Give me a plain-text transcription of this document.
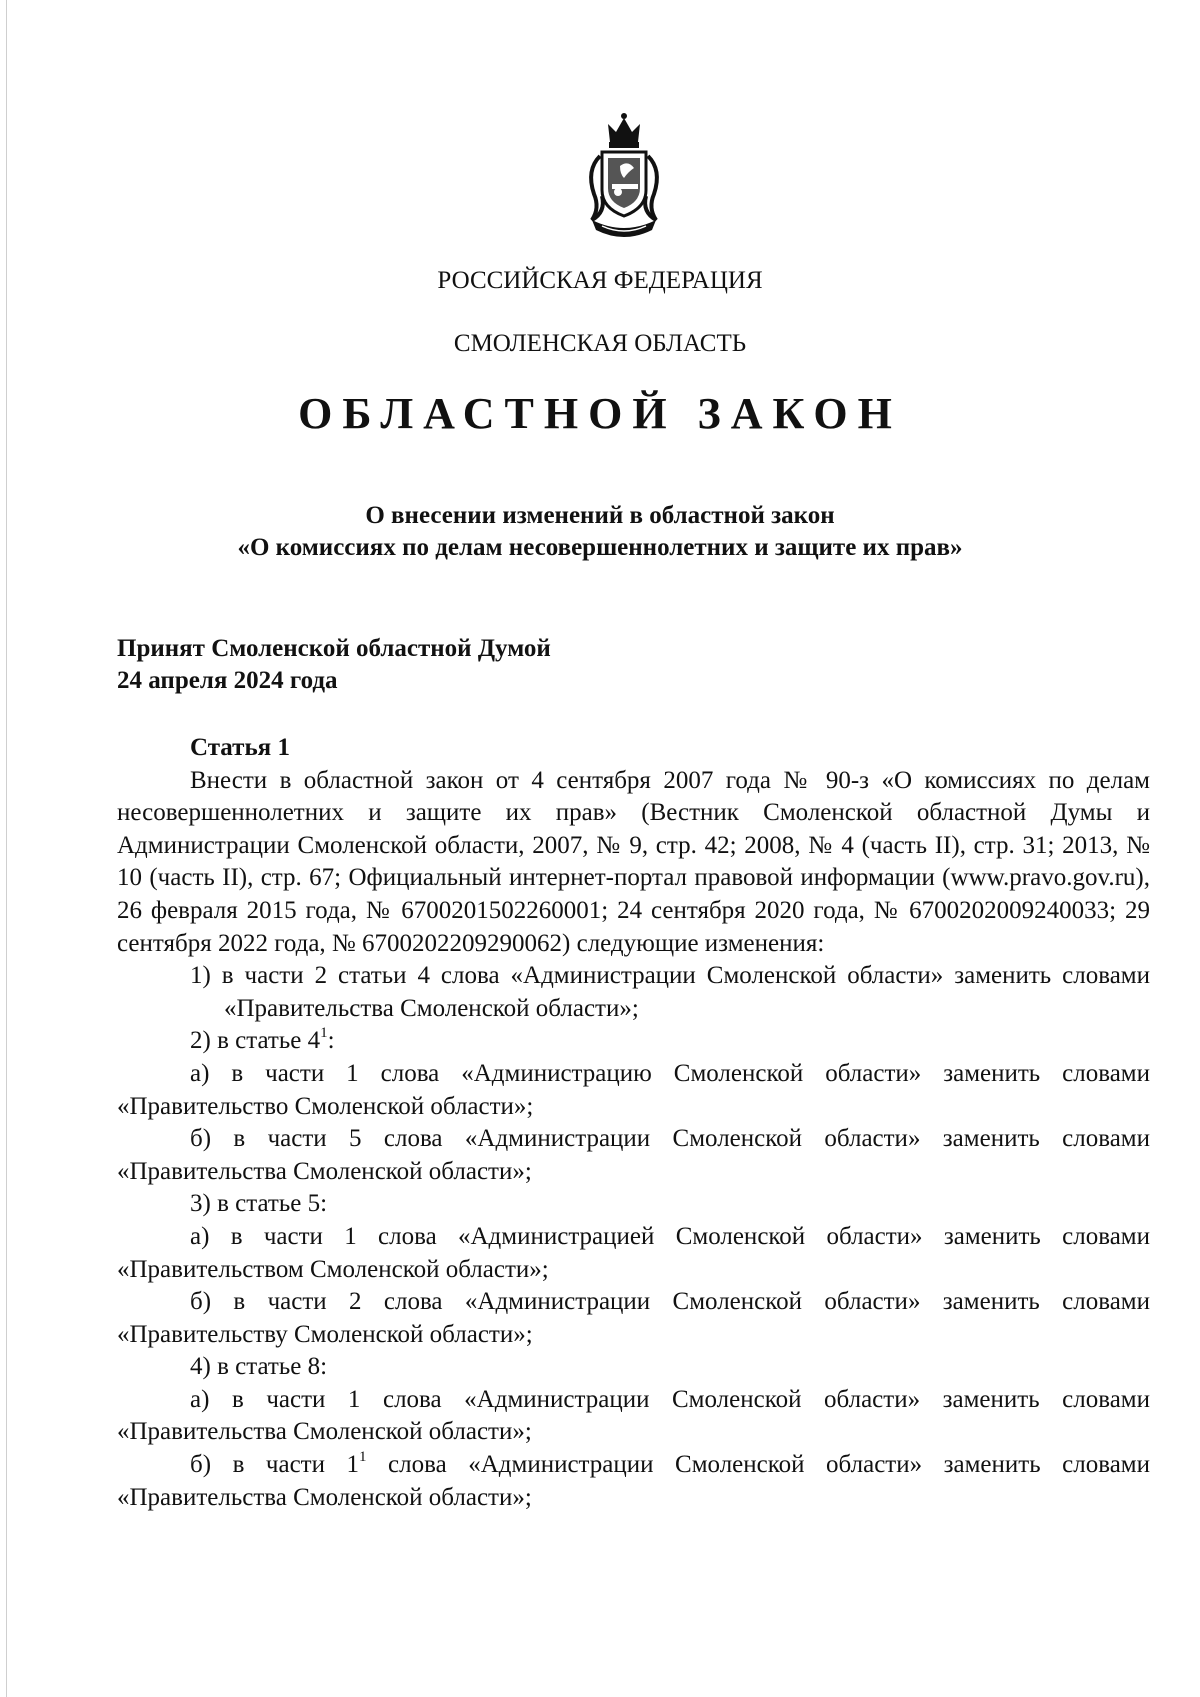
РОССИЙСКАЯ ФЕДЕРАЦИЯ
СМОЛЕНСКАЯ ОБЛАСТЬ
ОБЛАСТНОЙ ЗАКОН
О внесении изменений в областной закон
«О комиссиях по делам несовершеннолетних и защите их прав»
Принят Смоленской областной Думой
24 апреля 2024 года
Статья 1

Внести в областной закон от 4 сентября 2007 года № 90-з «О комиссиях по делам несовершеннолетних и защите их прав» (Вестник Смоленской областной Думы и Администрации Смоленской области, 2007, № 9, стр. 42; 2008, № 4 (часть II), стр. 31; 2013, № 10 (часть II), стр. 67; Официальный интернет-портал правовой информации (www.pravo.gov.ru), 26 февраля 2015 года, № 6700201502260001; 24 сентября 2020 года, № 6700202009240033; 29 сентября 2022 года, № 6700202209290062) следующие изменения:

1) в части 2 статьи 4 слова «Администрации Смоленской области» заменить словами «Правительства Смоленской области»;

2) в статье $4^1$:

а) в части 1 слова «Администрацию Смоленской области» заменить словами «Правительство Смоленской области»;

б) в части 5 слова «Администрации Смоленской области» заменить словами «Правительства Смоленской области»;

3) в статье 5:

а) в части 1 слова «Администрацией Смоленской области» заменить словами «Правительством Смоленской области»;

б) в части 2 слова «Администрации Смоленской области» заменить словами «Правительству Смоленской области»;

4) в статье 8:

а) в части 1 слова «Администрации Смоленской области» заменить словами «Правительства Смоленской области»;

б) в части $1^1$ слова «Администрации Смоленской области» заменить словами «Правительства Смоленской области»;
